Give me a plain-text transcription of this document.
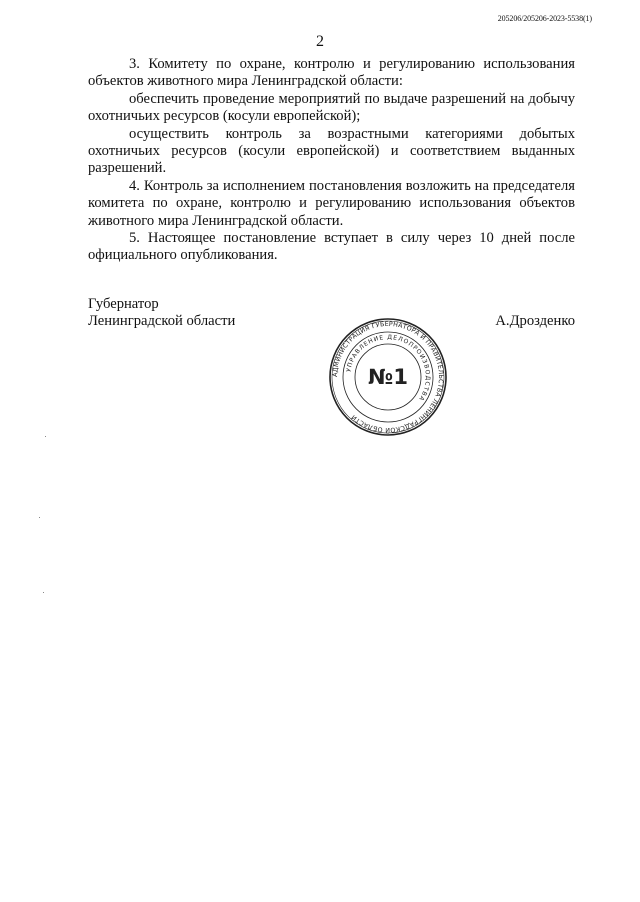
205206/205206-2023-5538(1)
2

3. Комитету по охране, контролю и регулированию использования объектов животного мира Ленинградской области:

обеспечить проведение мероприятий по выдаче разрешений на добычу охотничьих ресурсов (косули европейской);

осуществить контроль за возрастными категориями добытых охотничьих ресурсов (косули европейской) и соответствием выданных разрешений.

4. Контроль за исполнением постановления возложить на председателя комитета по охране, контролю и регулированию использования объектов животного мира Ленинградской области.

5. Настоящее постановление вступает в силу через 10 дней после официального опубликования.

Губернатор
Ленинградской области	А.Дрозденко
АДМИНИСТРАЦИЯ ГУБЕРНАТОРА И ПРАВИТЕЛЬСТВА ЛЕНИНГРАДСКОЙ ОБЛАСТИ
УПРАВЛЕНИЕ ДЕЛОПРОИЗВОДСТВА
№1
